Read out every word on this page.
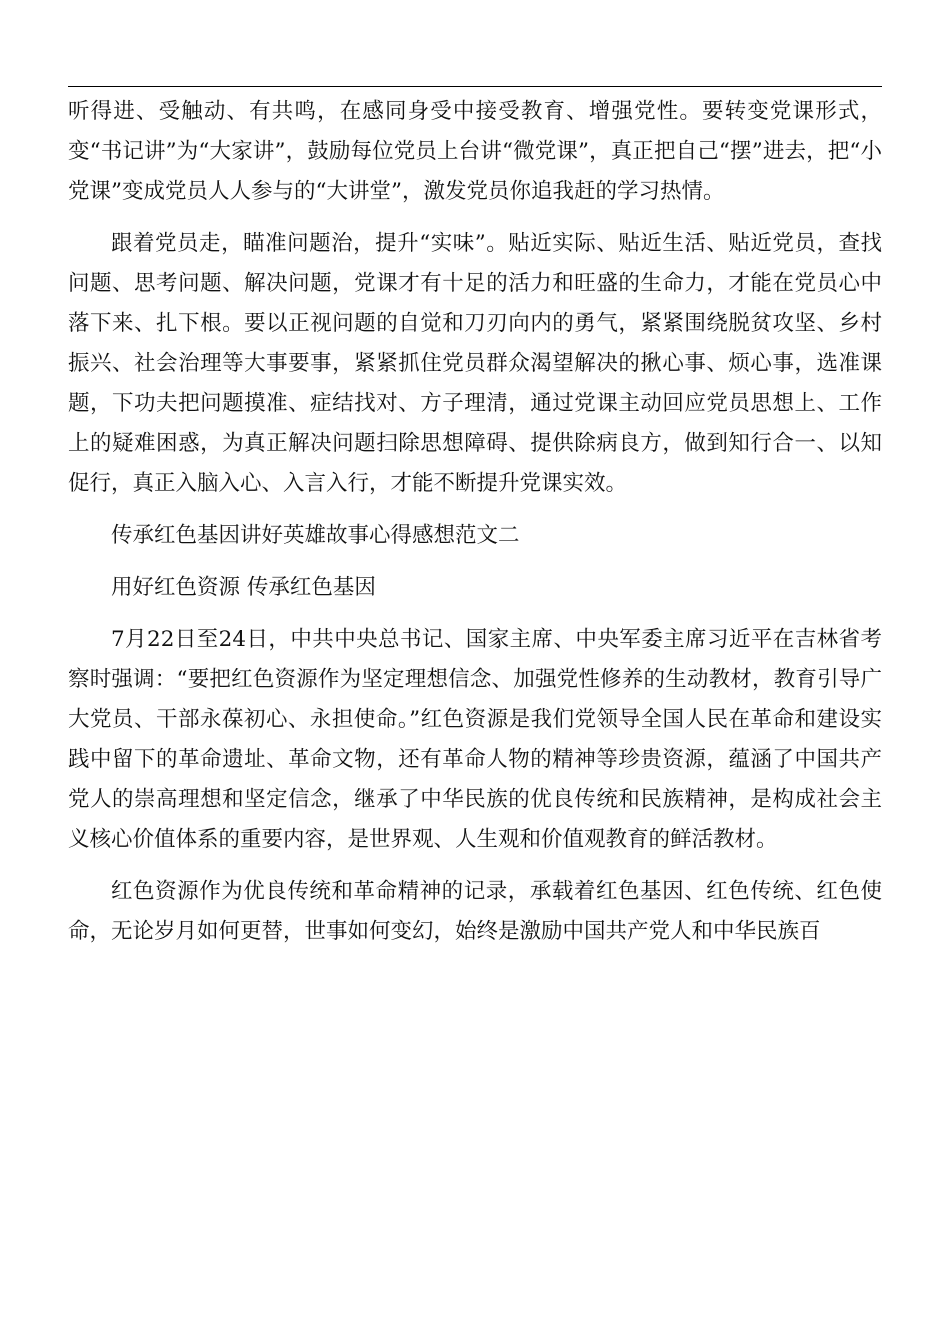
听得进、受触动、有共鸣，在感同身受中接受教育、增强党性。要转变党课形式，变“书记讲”为“大家讲”，鼓励每位党员上台讲“微党课”，真正把自己“摆”进去，把“小党课”变成党员人人参与的“大讲堂”，激发党员你追我赶的学习热情。

跟着党员走，瞄准问题治，提升“实味”。贴近实际、贴近生活、贴近党员，查找问题、思考问题、解决问题，党课才有十足的活力和旺盛的生命力，才能在党员心中落下来、扎下根。要以正视问题的自觉和刀刃向内的勇气，紧紧围绕脱贫攻坚、乡村振兴、社会治理等大事要事，紧紧抓住党员群众渴望解决的揪心事、烦心事，选准课题，下功夫把问题摸准、症结找对、方子理清，通过党课主动回应党员思想上、工作上的疑难困惑，为真正解决问题扫除思想障碍、提供除病良方，做到知行合一、以知促行，真正入脑入心、入言入行，才能不断提升党课实效。

传承红色基因讲好英雄故事心得感想范文二

用好红色资源 传承红色基因

7月22日至24日，中共中央总书记、国家主席、中央军委主席习近平在吉林省考察时强调：“要把红色资源作为坚定理想信念、加强党性修养的生动教材，教育引导广大党员、干部永葆初心、永担使命。”红色资源是我们党领导全国人民在革命和建设实践中留下的革命遗址、革命文物，还有革命人物的精神等珍贵资源，蕴涵了中国共产党人的崇高理想和坚定信念，继承了中华民族的优良传统和民族精神，是构成社会主义核心价值体系的重要内容，是世界观、人生观和价值观教育的鲜活教材。

红色资源作为优良传统和革命精神的记录，承载着红色基因、红色传统、红色使命，无论岁月如何更替，世事如何变幻，始终是激励中国共产党人和中华民族百
